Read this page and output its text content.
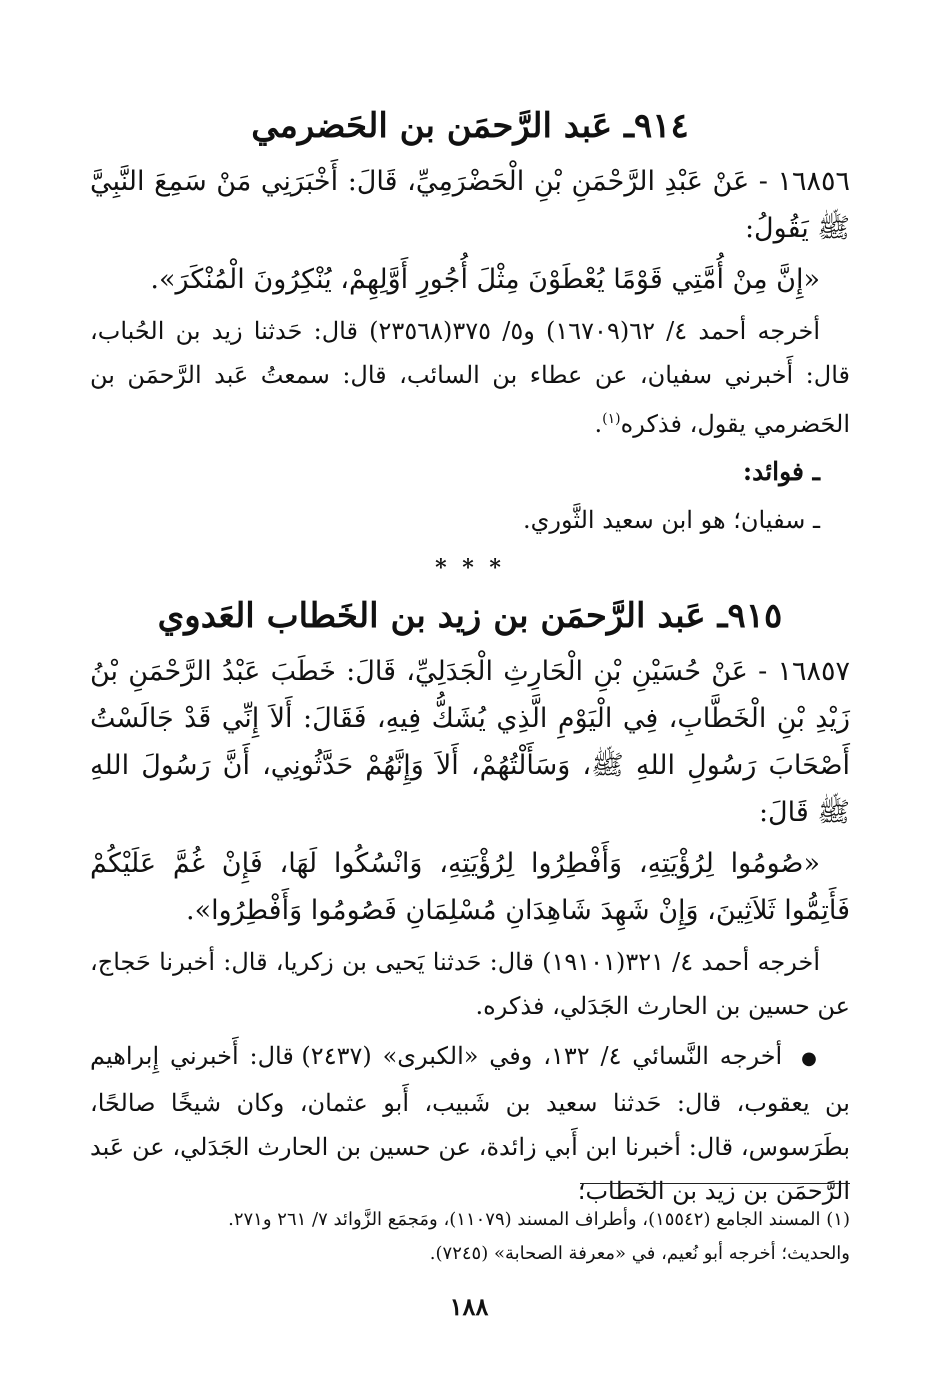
٩١٤ـ عَبد الرَّحمَن بن الحَضرمي

١٦٨٥٦ - عَنْ عَبْدِ الرَّحْمَنِ بْنِ الْحَضْرَمِيِّ، قَالَ: أَخْبَرَنِي مَنْ سَمِعَ النَّبِيَّ ﷺ يَقُولُ:

«إِنَّ مِنْ أُمَّتِي قَوْمًا يُعْطَوْنَ مِثْلَ أُجُورِ أَوَّلِهِمْ، يُنْكِرُونَ الْمُنْكَرَ».

أخرجه أحمد ٤/ ٦٢(١٦٧٠٩) و٥/ ٣٧٥(٢٣٥٦٨) قال: حَدثنا زيد بن الحُباب، قال: أَخبرني سفيان، عن عطاء بن السائب، قال: سمعتُ عَبد الرَّحمَن بن الحَضرمي يقول، فذكره$^{(١)}$.

ـ فوائد:

ـ سفيان؛ هو ابن سعيد الثَّوري.

* * *
٩١٥ـ عَبد الرَّحمَن بن زيد بن الخَطاب العَدوي

١٦٨٥٧ - عَنْ حُسَيْنِ بْنِ الْحَارِثِ الْجَدَلِيِّ، قَالَ: خَطَبَ عَبْدُ الرَّحْمَنِ بْنُ زَيْدِ بْنِ الْخَطَّابِ، فِي الْيَوْمِ الَّذِي يُشَكُّ فِيهِ، فَقَالَ: أَلاَ إِنِّي قَدْ جَالَسْتُ أَصْحَابَ رَسُولِ اللهِ ﷺ، وَسَأَلْتُهُمْ، أَلاَ وَإِنَّهُمْ حَدَّثُونِي، أَنَّ رَسُولَ اللهِ ﷺ قَالَ:

«صُومُوا لِرُؤْيَتِهِ، وَأَفْطِرُوا لِرُؤْيَتِهِ، وَانْسُكُوا لَهَا، فَإِنْ غُمَّ عَلَيْكُمْ فَأَتِمُّوا ثَلاَثِينَ، وَإِنْ شَهِدَ شَاهِدَانِ مُسْلِمَانِ فَصُومُوا وَأَفْطِرُوا».

أخرجه أحمد ٤/ ٣٢١(١٩١٠١) قال: حَدثنا يَحيى بن زكريا، قال: أخبرنا حَجاج، عن حسين بن الحارث الجَدَلي، فذكره.

● أخرجه النَّسائي ٤/ ١٣٢، وفي «الكبرى» (٢٤٣٧) قال: أَخبرني إِبراهيم بن يعقوب، قال: حَدثنا سعيد بن شَبيب، أَبو عثمان، وكان شيخًا صالحًا، بطَرَسوس، قال: أخبرنا ابن أَبي زائدة، عن حسين بن الحارث الجَدَلي، عن عَبد الرَّحمَن بن زيد بن الخَطاب؛

(١) المسند الجامع (١٥٥٤٢)، وأطراف المسند (١١٠٧٩)، ومَجمَع الزَّوائد ٧/ ٢٦١ و٢٧١.

والحديث؛ أخرجه أبو نُعيم، في «معرفة الصحابة» (٧٢٤٥).

١٨٨
